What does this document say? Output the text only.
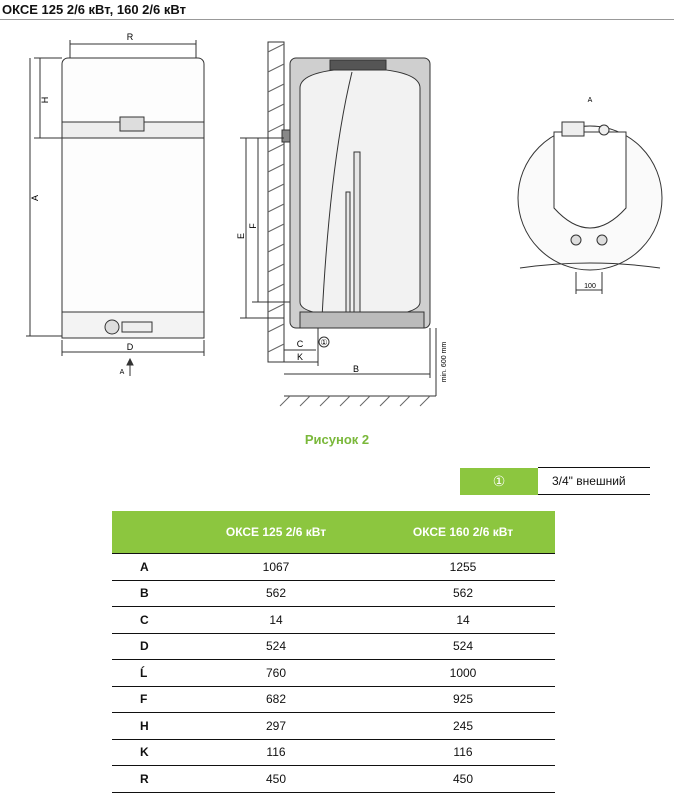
ОКСЕ 125 2/6 кВт, 160 2/6 кВт
R
H
A
D
A
E
F
C
K
B	min. 600 mm
①
A
100
Рисунок 2
①	3/4" внешний
	ОКСЕ 125 2/6 кВт	ОКСЕ 160 2/6 кВт
A	1067	1255
B	562	562
C	14	14
D	524	524
Ĺ	760	1000
F	682	925
H	297	245
K	116	116
R	450	450
